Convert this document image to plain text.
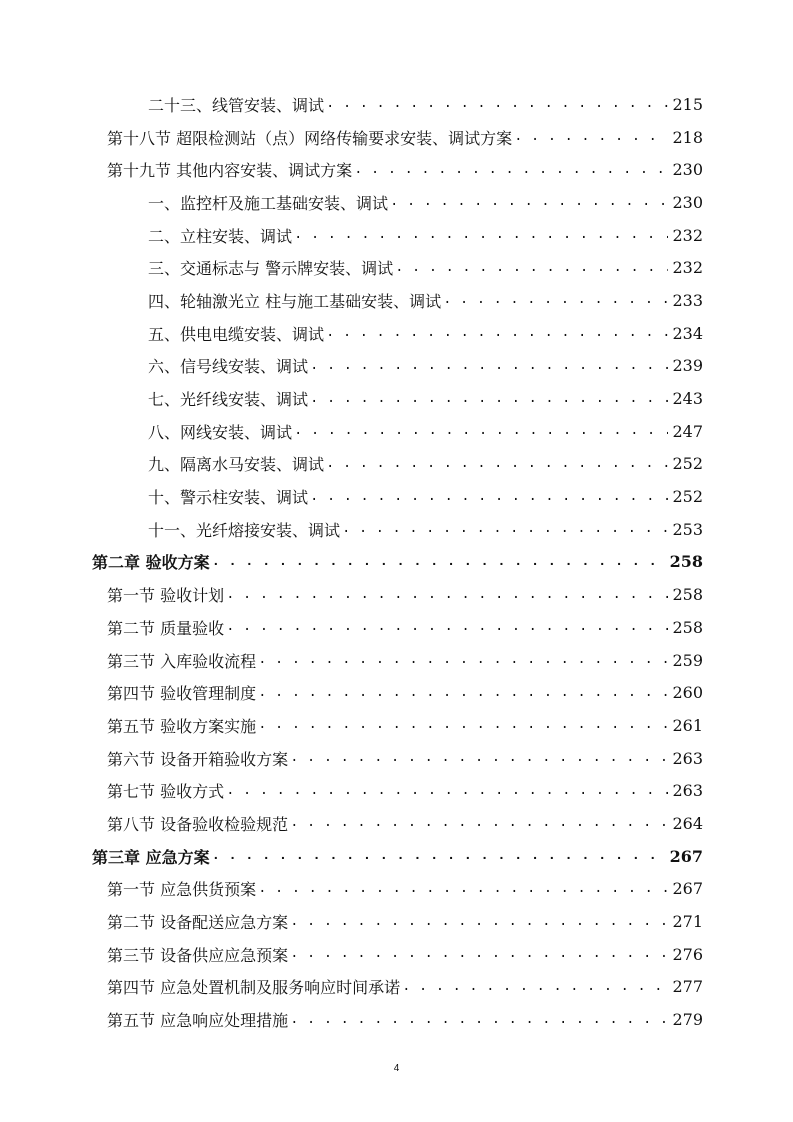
二十三、线管安装、调试 . . .	215
第十八节 超限检测站（点）网络传输要求安装、调试方案 . . .	218
第十九节 其他内容安装、调试方案 . . .	230
一、监控杆及施工基础安装、调试 . . .	230
二、立柱安装、调试 . . .	232
三、交通标志与 警示牌安装、调试 . . .	232
四、轮轴激光立 柱与施工基础安装、调试 . . .	233
五、供电电缆安装、调试 . . .	234
六、信号线安装、调试 . . .	239
七、光纤线安装、调试 . . .	243
八、网线安装、调试 . . .	247
九、隔离水马安装、调试 . . .	252
十、警示柱安装、调试 . . .	252
十一、光纤熔接安装、调试 . . .	253
第二章 验收方案 . . .	258
第一节 验收计划 . . .	258
第二节 质量验收 . . .	258
第三节 入库验收流程 . . .	259
第四节 验收管理制度 . . .	260
第五节 验收方案实施 . . .	261
第六节 设备开箱验收方案 . . .	263
第七节 验收方式 . . .	263
第八节 设备验收检验规范 . . .	264
第三章 应急方案 . . .	267
第一节 应急供货预案 . . .	267
第二节 设备配送应急方案 . . .	271
第三节 设备供应应急预案 . . .	276
第四节 应急处置机制及服务响应时间承诺 . . .	277
第五节 应急响应处理措施 . . .	279
4
